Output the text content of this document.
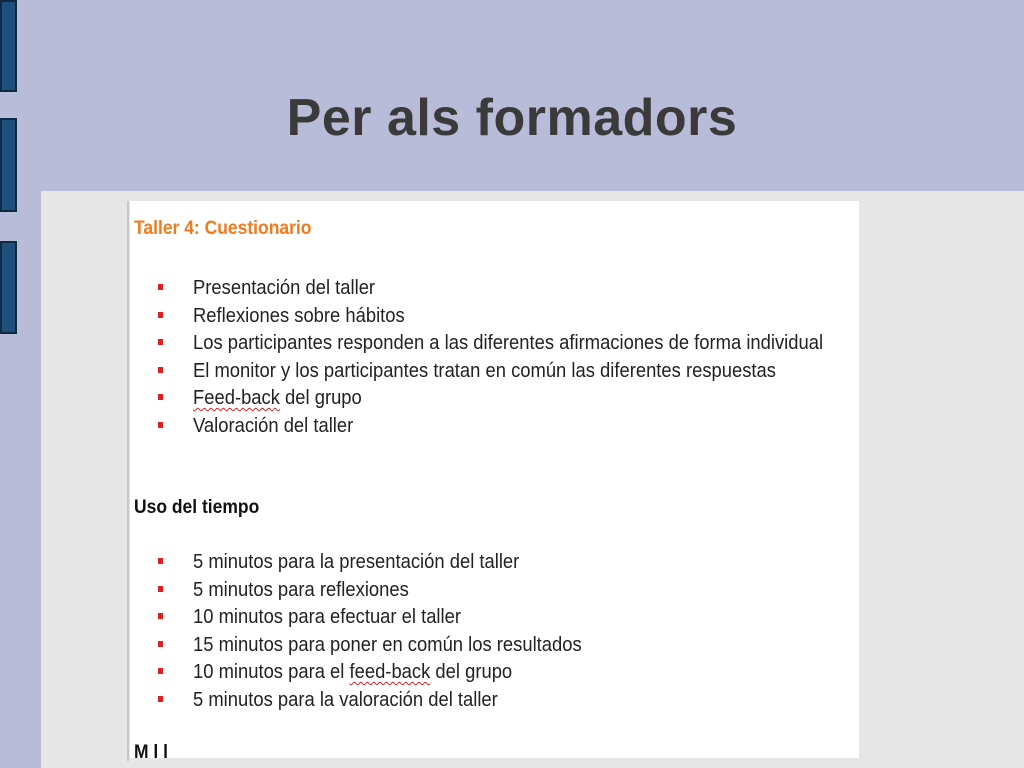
Per als formadors
Taller 4: Cuestionario
Presentación del taller
Reflexiones sobre hábitos
Los participantes responden a las diferentes afirmaciones de forma individual
El monitor y los participantes tratan en común las diferentes respuestas
Feed-back del grupo
Valoración del taller
Uso del tiempo
5 minutos para la presentación del taller
5 minutos para reflexiones
10 minutos para efectuar el taller
15 minutos para poner en común los resultados
10 minutos para el feed-back del grupo
5 minutos para la valoración del taller
M l l
